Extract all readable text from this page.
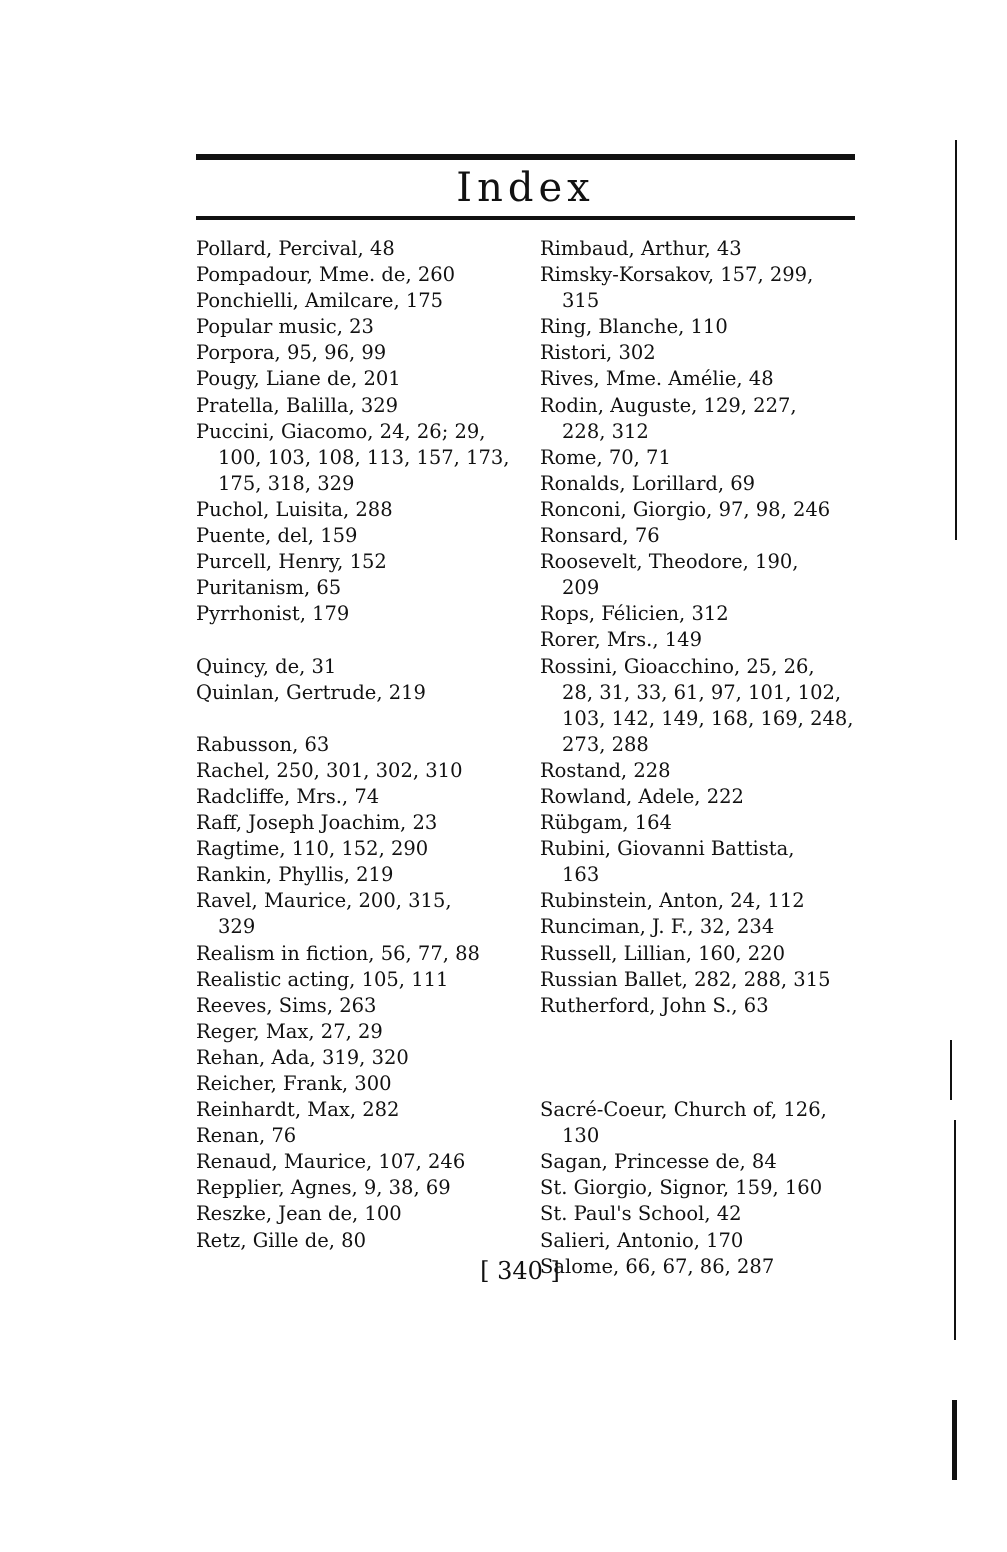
Index
Pollard, Percival, 48
Pompadour, Mme. de, 260
Ponchielli, Amilcare, 175
Popular music, 23
Porpora, 95, 96, 99
Pougy, Liane de, 201
Pratella, Balilla, 329
Puccini, Giacomo, 24, 26; 29,
100, 103, 108, 113, 157, 173,
175, 318, 329
Puchol, Luisita, 288
Puente, del, 159
Purcell, Henry, 152
Puritanism, 65
Pyrrhonist, 179
Quincy, de, 31
Quinlan, Gertrude, 219
Rabusson, 63
Rachel, 250, 301, 302, 310
Radcliffe, Mrs., 74
Raff, Joseph Joachim, 23
Ragtime, 110, 152, 290
Rankin, Phyllis, 219
Ravel, Maurice, 200, 315,
329
Realism in fiction, 56, 77, 88
Realistic acting, 105, 111
Reeves, Sims, 263
Reger, Max, 27, 29
Rehan, Ada, 319, 320
Reicher, Frank, 300
Reinhardt, Max, 282
Renan, 76
Renaud, Maurice, 107, 246
Repplier, Agnes, 9, 38, 69
Reszke, Jean de, 100
Retz, Gille de, 80
Rimbaud, Arthur, 43
Rimsky-Korsakov, 157, 299,
315
Ring, Blanche, 110
Ristori, 302
Rives, Mme. Amélie, 48
Rodin, Auguste, 129, 227,
228, 312
Rome, 70, 71
Ronalds, Lorillard, 69
Ronconi, Giorgio, 97, 98, 246
Ronsard, 76
Roosevelt, Theodore, 190,
209
Rops, Félicien, 312
Rorer, Mrs., 149
Rossini, Gioacchino, 25, 26,
28, 31, 33, 61, 97, 101, 102,
103, 142, 149, 168, 169, 248,
273, 288
Rostand, 228
Rowland, Adele, 222
Rübgam, 164
Rubini, Giovanni Battista,
163
Rubinstein, Anton, 24, 112
Runciman, J. F., 32, 234
Russell, Lillian, 160, 220
Russian Ballet, 282, 288, 315
Rutherford, John S., 63
Sacré-Coeur, Church of, 126,
130
Sagan, Princesse de, 84
St. Giorgio, Signor, 159, 160
St. Paul's School, 42
Salieri, Antonio, 170
Salome, 66, 67, 86, 287
[ 340 ]
